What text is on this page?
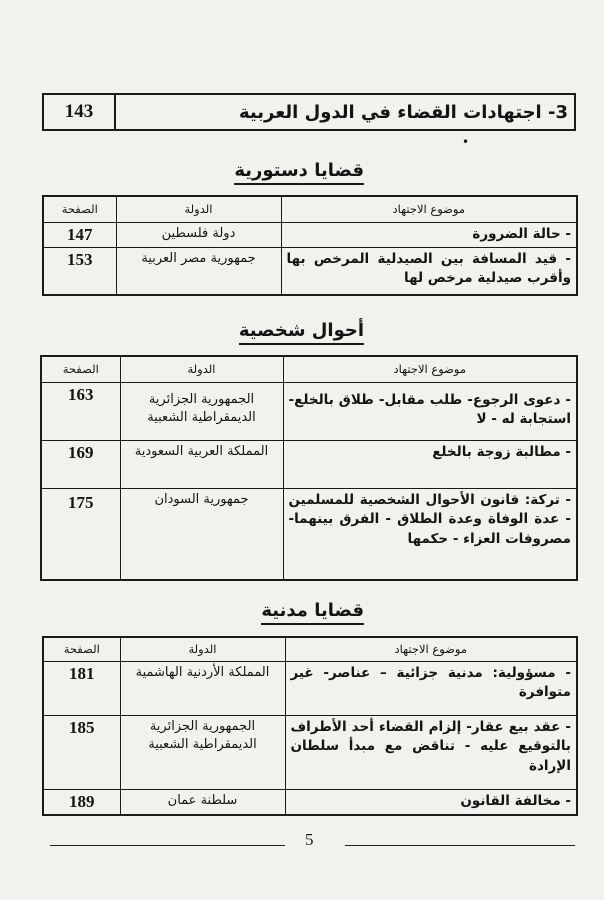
143	3- اجتهادات القضاء في الدول العربية
•
قضايا دستورية
موضوع الاجتهاد	الدولة	الصفحة
- حالة الضرورة	دولة فلسطين	147
- قيد المسافة بين الصيدلية المرخص بها وأقرب صيدلية مرخص لها	جمهورية مصر العربية	153
أحوال شخصية
موضوع الاجتهاد	الدولة	الصفحة
- دعوى الرجوع- طلب مقابل- طلاق بالخلع- استجابة له - لا	الجمهورية الجزائرية الديمقراطية الشعبية	163
- مطالبة زوجة بالخلع	المملكة العربية السعودية	169
- تركة: قانون الأحوال الشخصية للمسلمين - عدة الوفاة وعدة الطلاق - الفرق بينهما- مصروفات العزاء - حكمها	جمهورية السودان	175
قضايا مدنية
موضوع الاجتهاد	الدولة	الصفحة
- مسؤولية: مدنية جزائية – عناصر- غير متوافرة	المملكة الأردنية الهاشمية	181
- عقد بيع عقار- إلزام القضاء أحد الأطراف بالتوقيع عليه - تناقض مع مبدأ سلطان الإرادة	الجمهورية الجزائرية الديمقراطية الشعبية	185
- مخالفة القانون	سلطنة عمان	189
5
